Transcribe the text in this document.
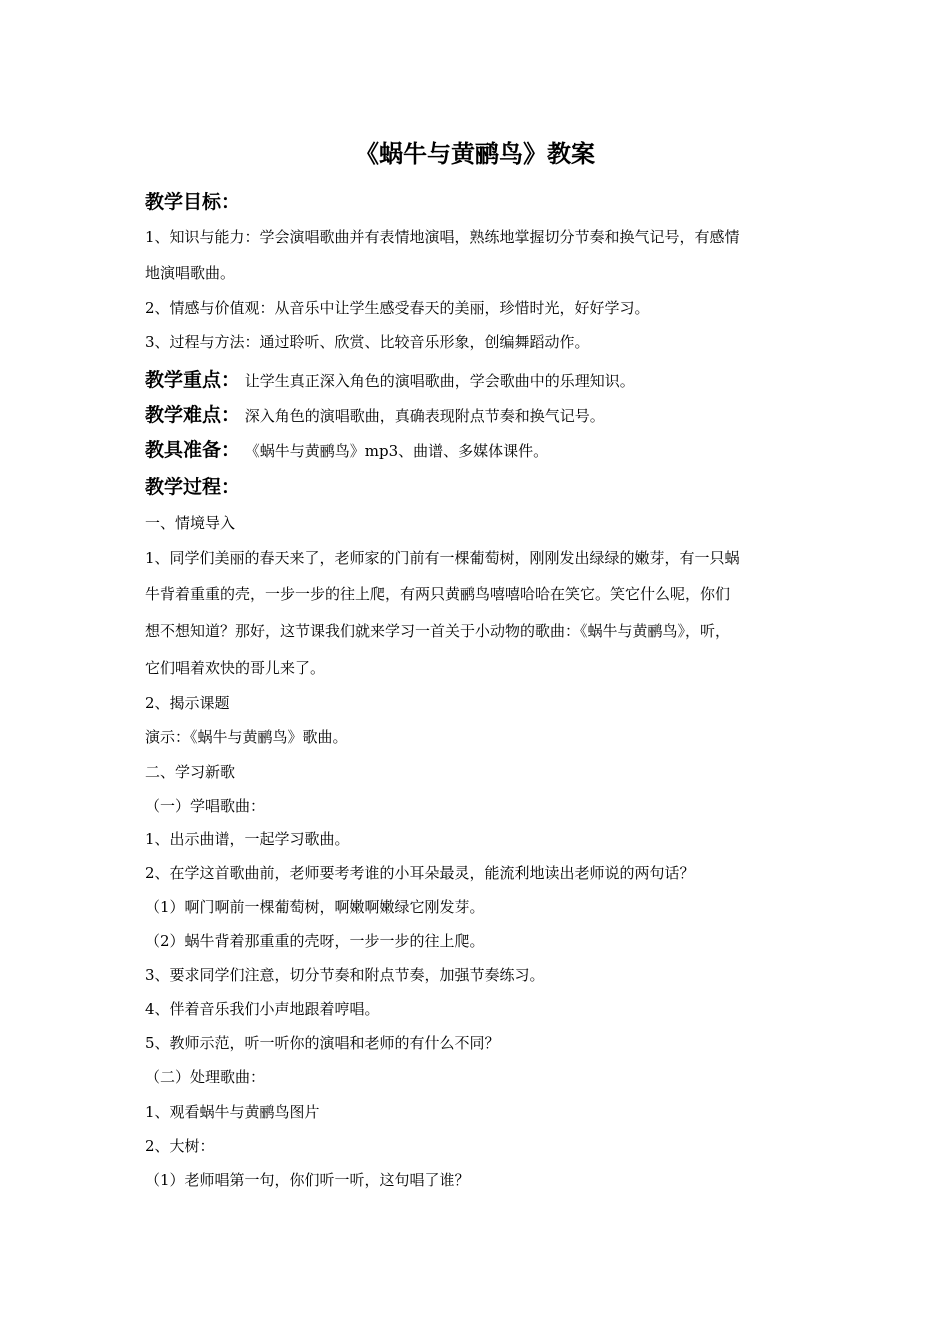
《蜗牛与黄鹂鸟》教案
教学目标：
1、知识与能力：学会演唱歌曲并有表情地演唱，熟练地掌握切分节奏和换气记号，有感情
地演唱歌曲。
2、情感与价值观：从音乐中让学生感受春天的美丽，珍惜时光，好好学习。
3、过程与方法：通过聆听、欣赏、比较音乐形象，创编舞蹈动作。
教学重点： 让学生真正深入角色的演唱歌曲，学会歌曲中的乐理知识。
教学难点： 深入角色的演唱歌曲，真确表现附点节奏和换气记号。
教具准备： 《蜗牛与黄鹂鸟》mp3、曲谱、多媒体课件。
教学过程：
一、情境导入
1、同学们美丽的春天来了，老师家的门前有一棵葡萄树，刚刚发出绿绿的嫩芽，有一只蜗
牛背着重重的壳，一步一步的往上爬，有两只黄鹂鸟嘻嘻哈哈在笑它。笑它什么呢，你们
想不想知道？那好，这节课我们就来学习一首关于小动物的歌曲：《蜗牛与黄鹂鸟》，听，
它们唱着欢快的哥儿来了。
2、揭示课题
演示：《蜗牛与黄鹂鸟》歌曲。
二、学习新歌
（一）学唱歌曲：
1、出示曲谱，一起学习歌曲。
2、在学这首歌曲前，老师要考考谁的小耳朵最灵，能流利地读出老师说的两句话？
（1）啊门啊前一棵葡萄树，啊嫩啊嫩绿它刚发芽。
（2）蜗牛背着那重重的壳呀，一步一步的往上爬。
3、要求同学们注意，切分节奏和附点节奏，加强节奏练习。
4、伴着音乐我们小声地跟着哼唱。
5、教师示范，听一听你的演唱和老师的有什么不同？
（二）处理歌曲：
1、观看蜗牛与黄鹂鸟图片
2、大树：
（1）老师唱第一句，你们听一听，这句唱了谁？
